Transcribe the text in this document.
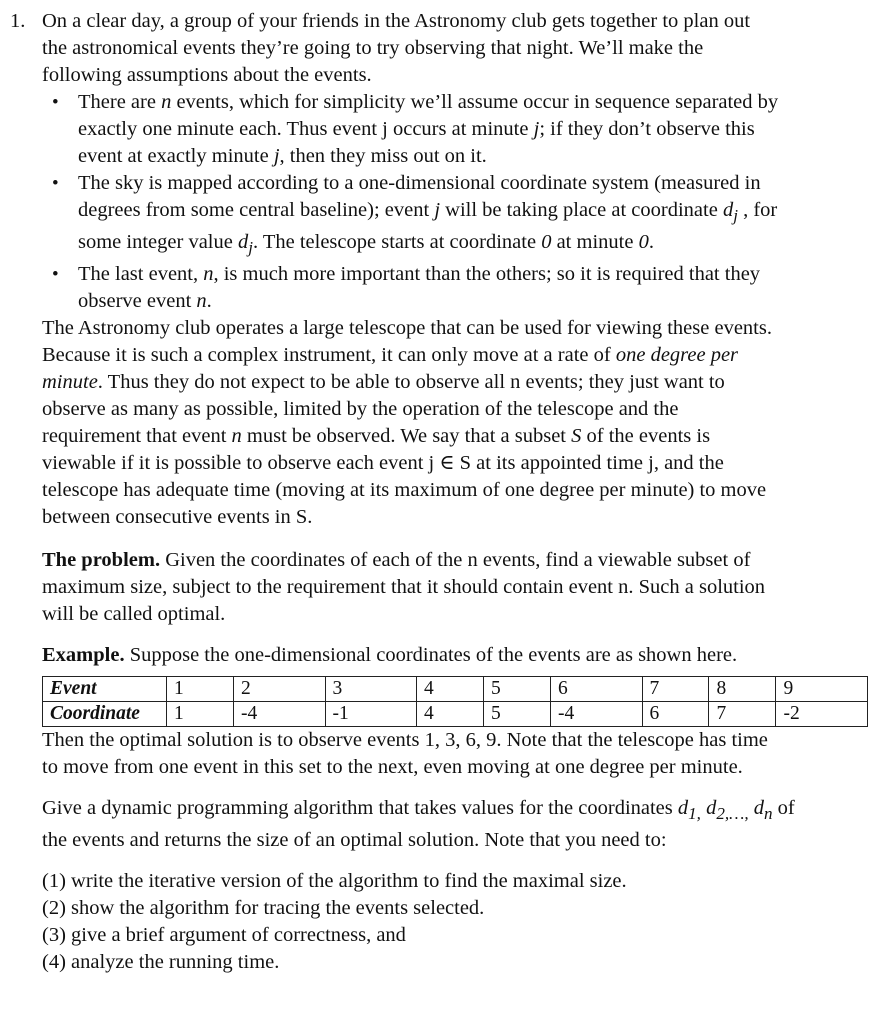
1. On a clear day, a group of your friends in the Astronomy club gets together to plan out
the astronomical events they’re going to try observing that night. We’ll make the
following assumptions about the events.
• There are n events, which for simplicity we’ll assume occur in sequence separated by
exactly one minute each. Thus event j occurs at minute j; if they don’t observe this
event at exactly minute j, then they miss out on it.
• The sky is mapped according to a one-dimensional coordinate system (measured in
degrees from some central baseline); event j will be taking place at coordinate $d_j$ , for
some integer value $d_j$. The telescope starts at coordinate 0 at minute 0.
• The last event, n, is much more important than the others; so it is required that they
observe event n.
The Astronomy club operates a large telescope that can be used for viewing these events.
Because it is such a complex instrument, it can only move at a rate of one degree per
minute. Thus they do not expect to be able to observe all n events; they just want to
observe as many as possible, limited by the operation of the telescope and the
requirement that event n must be observed. We say that a subset S of the events is
viewable if it is possible to observe each event j ∈ S at its appointed time j, and the
telescope has adequate time (moving at its maximum of one degree per minute) to move
between consecutive events in S.
The problem. Given the coordinates of each of the n events, find a viewable subset of
maximum size, subject to the requirement that it should contain event n. Such a solution
will be called optimal.
Example. Suppose the one-dimensional coordinates of the events are as shown here.
Event	1	2	3	4	5	6	7	8	9
Coordinate	1	-4	-1	4	5	-4	6	7	-2
Then the optimal solution is to observe events 1, 3, 6, 9. Note that the telescope has time
to move from one event in this set to the next, even moving at one degree per minute.
Give a dynamic programming algorithm that takes values for the coordinates $d_{1,}$ $d_{2,\dots,}$ $d_n$ of
the events and returns the size of an optimal solution. Note that you need to:
(1) write the iterative version of the algorithm to find the maximal size.
(2) show the algorithm for tracing the events selected.
(3) give a brief argument of correctness, and
(4) analyze the running time.
